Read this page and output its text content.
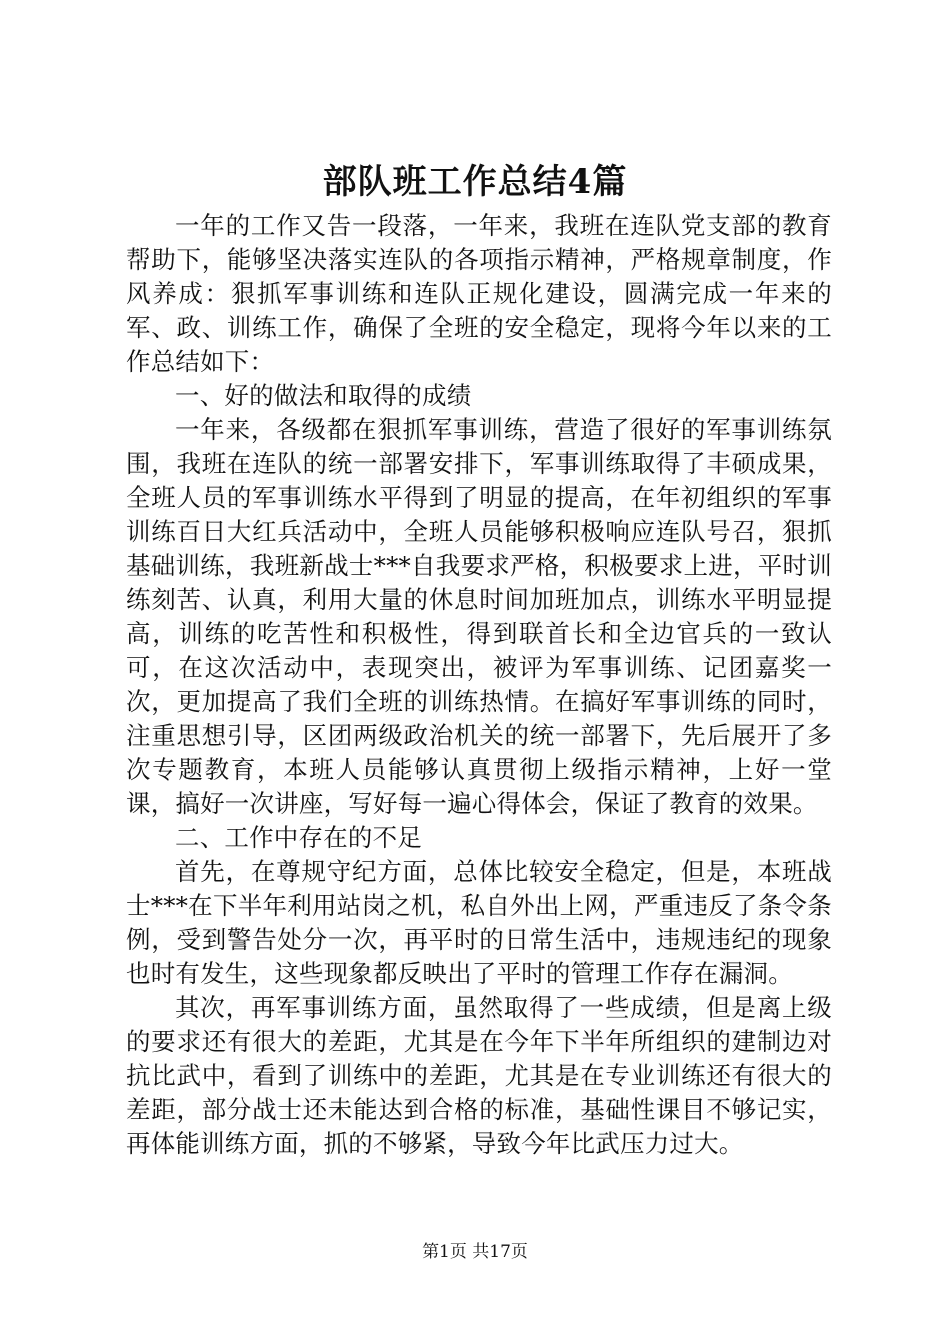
部队班工作总结4篇

一年的工作又告一段落，一年来，我班在连队党支部的教育帮助下，能够坚决落实连队的各项指示精神，严格规章制度，作风养成：狠抓军事训练和连队正规化建设，圆满完成一年来的军、政、训练工作，确保了全班的安全稳定，现将今年以来的工作总结如下：

一、好的做法和取得的成绩

一年来，各级都在狠抓军事训练，营造了很好的军事训练氛围，我班在连队的统一部署安排下，军事训练取得了丰硕成果，全班人员的军事训练水平得到了明显的提高，在年初组织的军事训练百日大红兵活动中，全班人员能够积极响应连队号召，狠抓基础训练，我班新战士***自我要求严格，积极要求上进，平时训练刻苦、认真，利用大量的休息时间加班加点，训练水平明显提高，训练的吃苦性和积极性，得到联首长和全边官兵的一致认可，在这次活动中，表现突出，被评为军事训练、记团嘉奖一次，更加提高了我们全班的训练热情。在搞好军事训练的同时，注重思想引导，区团两级政治机关的统一部署下，先后展开了多次专题教育，本班人员能够认真贯彻上级指示精神，上好一堂课，搞好一次讲座，写好每一遍心得体会，保证了教育的效果。

二、工作中存在的不足

首先，在尊规守纪方面，总体比较安全稳定，但是，本班战士***在下半年利用站岗之机，私自外出上网，严重违反了条令条例，受到警告处分一次，再平时的日常生活中，违规违纪的现象也时有发生，这些现象都反映出了平时的管理工作存在漏洞。

其次，再军事训练方面，虽然取得了一些成绩，但是离上级的要求还有很大的差距，尤其是在今年下半年所组织的建制边对抗比武中，看到了训练中的差距，尤其是在专业训练还有很大的差距，部分战士还未能达到合格的标准，基础性课目不够记实，再体能训练方面，抓的不够紧，导致今年比武压力过大。

第1页 共17页
